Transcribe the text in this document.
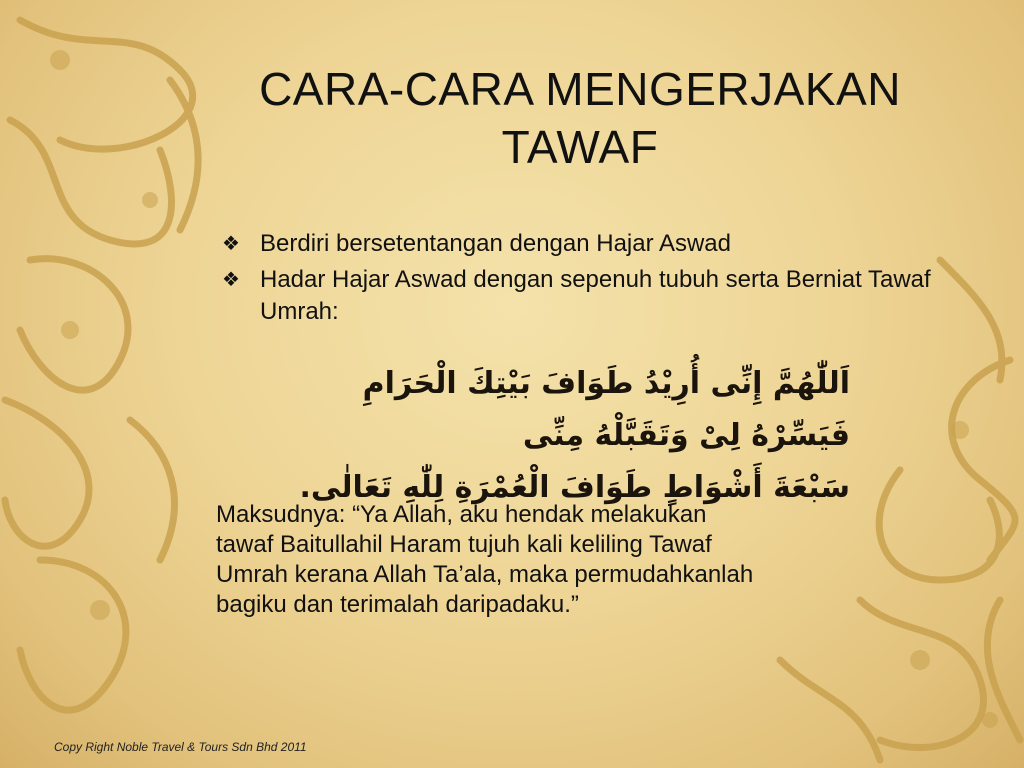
CARA-CARA MENGERJAKAN
TAWAF
❖ Berdiri bersetentangan dengan Hajar Aswad
❖ Hadar Hajar Aswad dengan sepenuh tubuh serta Berniat Tawaf Umrah:
اَللّٰهُمَّ إِنِّى أُرِيْدُ طَوَافَ بَيْتِكَ الْحَرَامِ فَيَسِّرْهُ لِىْ وَتَقَبَّلْهُ مِنِّى
سَبْعَةَ أَشْوَاطٍ طَوَافَ الْعُمْرَةِ لِلّٰهِ تَعَالٰى.
Maksudnya: “Ya Allah, aku hendak melakukan
tawaf Baitullahil Haram tujuh kali keliling Tawaf
Umrah kerana Allah Ta’ala, maka permudahkanlah
bagiku dan terimalah daripadaku.”
Copy Right Noble Travel & Tours Sdn Bhd 2011
